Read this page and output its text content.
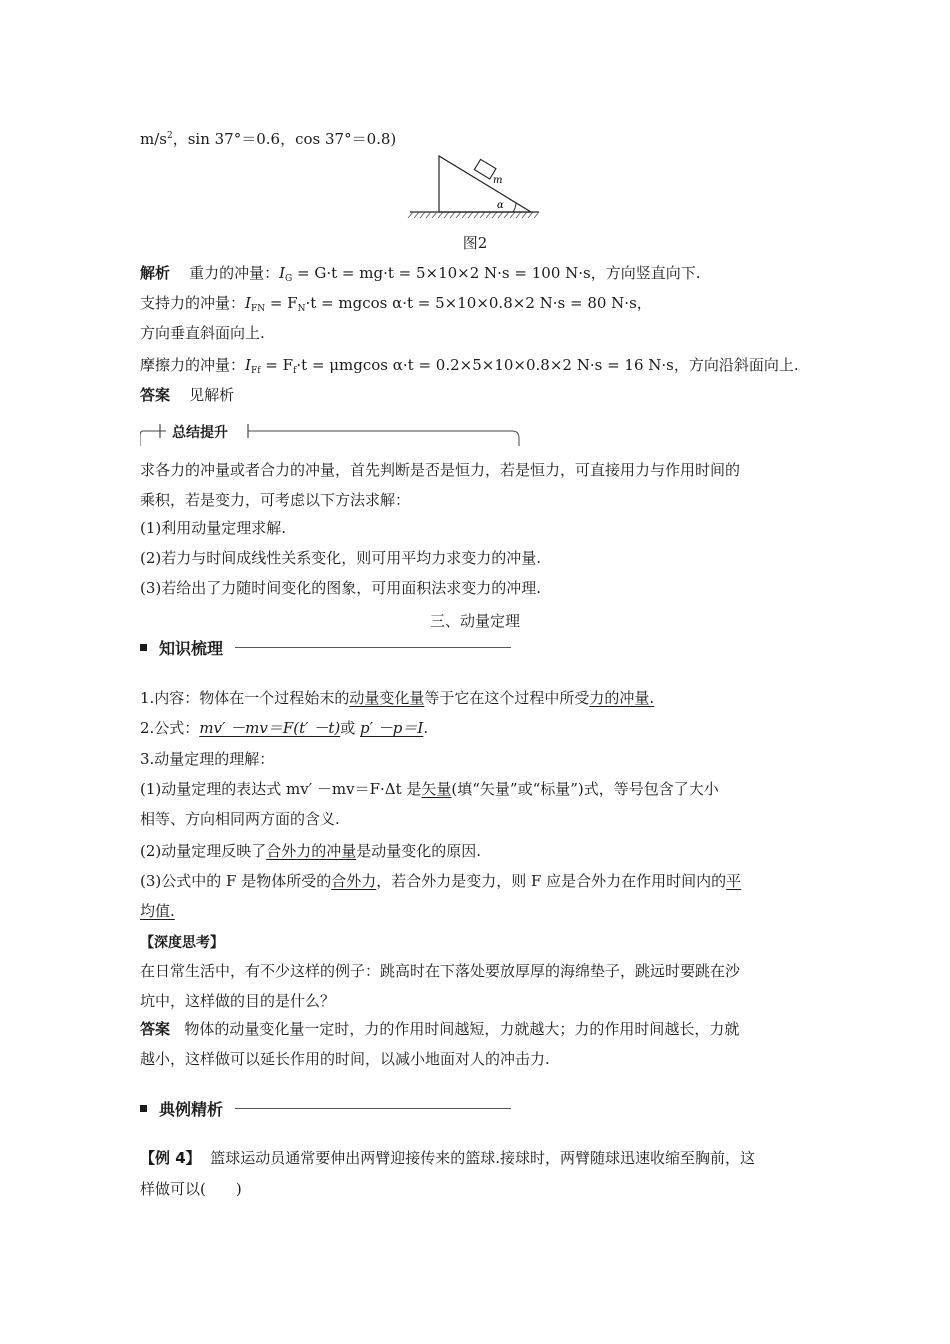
$m/s^2$，sin 37°＝0.6，cos 37°＝0.8)
m
α
图2
解析 重力的冲量：$I_G = G\cdot t = mg\cdot t = 5\times 10\times 2$ N·s = 100 N·s，方向竖直向下.
支持力的冲量：$I_{FN} = F_N\cdot t = mgcos$ α·t = 5×10×0.8×2 N·s = 80 N·s，
方向垂直斜面向上.
摩擦力的冲量：$I_{Ff} = F_f\cdot t = \mu mgcos$ α·t = 0.2×5×10×0.8×2 N·s = 16 N·s，方向沿斜面向上.
答案 见解析
总结提升
求各力的冲量或者合力的冲量，首先判断是否是恒力，若是恒力，可直接用力与作用时间的
乘积，若是变力，可考虑以下方法求解：
(1)利用动量定理求解.
(2)若力与时间成线性关系变化，则可用平均力求变力的冲量.
(3)若给出了力随时间变化的图象，可用面积法求变力的冲理.
三、动量定理
知识梳理
1.内容：物体在一个过程始末的动量变化量等于它在这个过程中所受力的冲量.
2.公式：mv′ －mv＝F(t′ －t)或 p′ －p＝I.
3.动量定理的理解：
(1)动量定理的表达式 mv′ －mv＝F·Δt 是矢量(填“矢量”或“标量”)式，等号包含了大小
相等、方向相同两方面的含义.
(2)动量定理反映了合外力的冲量是动量变化的原因.
(3)公式中的 F 是物体所受的合外力，若合外力是变力，则 F 应是合外力在作用时间内的平
均值.
【深度思考】
在日常生活中，有不少这样的例子：跳高时在下落处要放厚厚的海绵垫子，跳远时要跳在沙
坑中，这样做的目的是什么？
答案 物体的动量变化量一定时，力的作用时间越短，力就越大；力的作用时间越长，力就
越小，这样做可以延长作用的时间，以减小地面对人的冲击力.
典例精析
【例 4】 篮球运动员通常要伸出两臂迎接传来的篮球.接球时，两臂随球迅速收缩至胸前，这
样做可以(　　)
